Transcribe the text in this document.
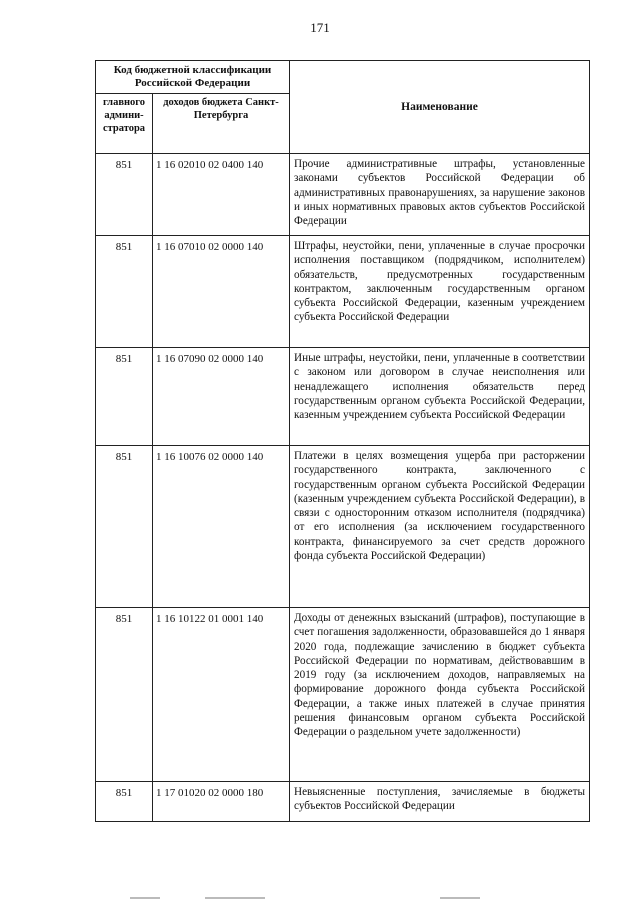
171
Код бюджетной классификации Российской Федерации		Наименование
главного админи-стратора	доходов бюджета Санкт-Петербурга	
851	1 16 02010 02 0400 140	Прочие административные штрафы, установленные законами субъектов Российской Федерации об административных правонарушениях, за нарушение законов и иных нормативных правовых актов субъектов Российской Федерации
851	1 16 07010 02 0000 140	Штрафы, неустойки, пени, уплаченные в случае просрочки исполнения поставщиком (подрядчиком, исполнителем) обязательств, предусмотренных государственным контрактом, заключенным государственным органом субъекта Российской Федерации, казенным учреждением субъекта Российской Федерации
851	1 16 07090 02 0000 140	Иные штрафы, неустойки, пени, уплаченные в соответствии с законом или договором в случае неисполнения или ненадлежащего исполнения обязательств перед государственным органом субъекта Российской Федерации, казенным учреждением субъекта Российской Федерации
851	1 16 10076 02 0000 140	Платежи в целях возмещения ущерба при расторжении государственного контракта, заключенного с государственным органом субъекта Российской Федерации (казенным учреждением субъекта Российской Федерации), в связи с односторонним отказом исполнителя (подрядчика) от его исполнения (за исключением государственного контракта, финансируемого за счет средств дорожного фонда субъекта Российской Федерации)
851	1 16 10122 01 0001 140	Доходы от денежных взысканий (штрафов), поступающие в счет погашения задолженности, образовавшейся до 1 января 2020 года, подлежащие зачислению в бюджет субъекта Российской Федерации по нормативам, действовавшим в 2019 году (за исключением доходов, направляемых на формирование дорожного фонда субъекта Российской Федерации, а также иных платежей в случае принятия решения финансовым органом субъекта Российской Федерации о раздельном учете задолженности)
851	1 17 01020 02 0000 180	Невыясненные поступления, зачисляемые в бюджеты субъектов Российской Федерации
